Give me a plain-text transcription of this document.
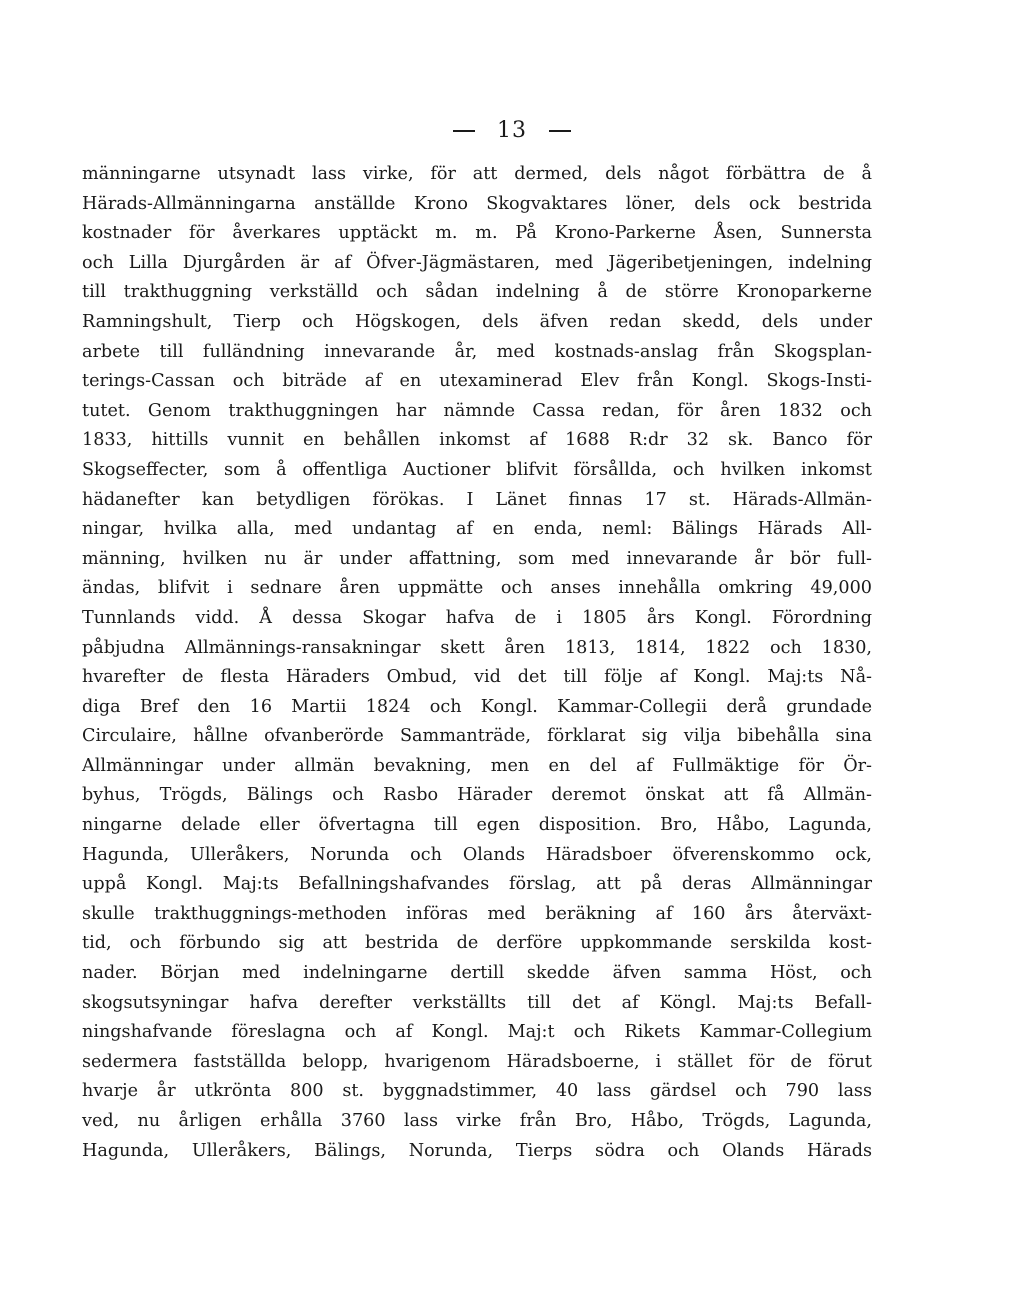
13
männingarne utsynadt lass virke, för att dermed, dels något förbättra de å
Härads-Allmänningarna anställde Krono Skogvaktares löner, dels ock bestrida
kostnader för åverkares upptäckt m. m. På Krono-Parkerne Åsen, Sunnersta
och Lilla Djurgården är af Öfver-Jägmästaren, med Jägeribetjeningen, indelning
till trakthuggning verkställd och sådan indelning å de större Kronoparkerne
Ramningshult, Tierp och Högskogen, dels äfven redan skedd, dels under
arbete till fulländning innevarande år, med kostnads-anslag från Skogsplan-
terings-Cassan och biträde af en utexaminerad Elev från Kongl. Skogs-Insti-
tutet. Genom trakthuggningen har nämnde Cassa redan, för åren 1832 och
1833, hittills vunnit en behållen inkomst af 1688 R:dr 32 sk. Banco för
Skogseffecter, som å offentliga Auctioner blifvit försållda, och hvilken inkomst
hädanefter kan betydligen förökas. I Länet finnas 17 st. Härads-Allmän-
ningar, hvilka alla, med undantag af en enda, neml: Bälings Härads All-
männing, hvilken nu är under affattning, som med innevarande år bör full-
ändas, blifvit i sednare åren uppmätte och anses innehålla omkring 49,000
Tunnlands vidd. Å dessa Skogar hafva de i 1805 års Kongl. Förordning
påbjudna Allmännings-ransakningar skett åren 1813, 1814, 1822 och 1830,
hvarefter de flesta Häraders Ombud, vid det till följe af Kongl. Maj:ts Nå-
diga Bref den 16 Martii 1824 och Kongl. Kammar-Collegii derå grundade
Circulaire, hållne ofvanberörde Sammanträde, förklarat sig vilja bibehålla sina
Allmänningar under allmän bevakning, men en del af Fullmäktige för Ör-
byhus, Trögds, Bälings och Rasbo Härader deremot önskat att få Allmän-
ningarne delade eller öfvertagna till egen disposition. Bro, Håbo, Lagunda,
Hagunda, Ulleråkers, Norunda och Olands Häradsboer öfverenskommo ock,
uppå Kongl. Maj:ts Befallningshafvandes förslag, att på deras Allmänningar
skulle trakthuggnings-methoden införas med beräkning af 160 års återväxt-
tid, och förbundo sig att bestrida de derföre uppkommande serskilda kost-
nader. Början med indelningarne dertill skedde äfven samma Höst, och
skogsutsyningar hafva derefter verkställts till det af Köngl. Maj:ts Befall-
ningshafvande föreslagna och af Kongl. Maj:t och Rikets Kammar-Collegium
sedermera fastställda belopp, hvarigenom Häradsboerne, i stället för de förut
hvarje år utkrönta 800 st. byggnadstimmer, 40 lass gärdsel och 790 lass
ved, nu årligen erhålla 3760 lass virke från Bro, Håbo, Trögds, Lagunda,
Hagunda, Ulleråkers, Bälings, Norunda, Tierps södra och Olands Härads
